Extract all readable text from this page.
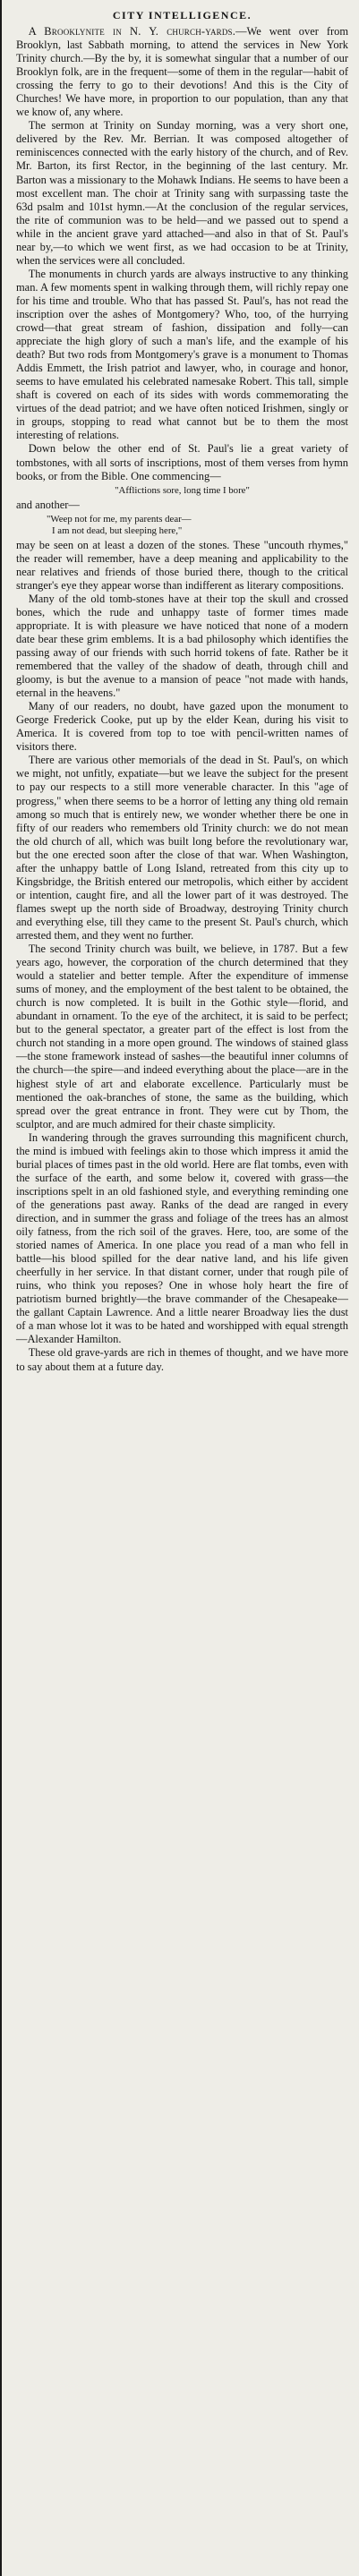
CITY INTELLIGENCE.

A Brooklynite in N. Y. church-yards.—We went over from Brooklyn, last Sabbath morning, to attend the services in New York Trinity church.—By the by, it is somewhat singular that a number of our Brooklyn folk, are in the frequent—some of them in the regular—habit of crossing the ferry to go to their devotions! And this is the City of Churches! We have more, in proportion to our population, than any that we know of, any where.

The sermon at Trinity on Sunday morning, was a very short one, delivered by the Rev. Mr. Berrian. It was composed altogether of reminiscences connected with the early history of the church, and of Rev. Mr. Barton, its first Rector, in the beginning of the last century. Mr. Barton was a missionary to the Mohawk Indians. He seems to have been a most excellent man. The choir at Trinity sang with surpassing taste the 63d psalm and 101st hymn.—At the conclusion of the regular services, the rite of communion was to be held—and we passed out to spend a while in the ancient grave yard attached—and also in that of St. Paul's near by,—to which we went first, as we had occasion to be at Trinity, when the services were all concluded.

The monuments in church yards are always instructive to any thinking man. A few moments spent in walking through them, will richly repay one for his time and trouble. Who that has passed St. Paul's, has not read the inscription over the ashes of Montgomery? Who, too, of the hurrying crowd—that great stream of fashion, dissipation and folly—can appreciate the high glory of such a man's life, and the example of his death? But two rods from Montgomery's grave is a monument to Thomas Addis Emmett, the Irish patriot and lawyer, who, in courage and honor, seems to have emulated his celebrated namesake Robert. This tall, simple shaft is covered on each of its sides with words commemorating the virtues of the dead patriot; and we have often noticed Irishmen, singly or in groups, stopping to read what cannot but be to them the most interesting of relations.

Down below the other end of St. Paul's lie a great variety of tombstones, with all sorts of inscriptions, most of them verses from hymn books, or from the Bible. One commencing—

"Afflictions sore, long time I bore"

and another—

"Weep not for me, my parents dear—
I am not dead, but sleeping here,"

may be seen on at least a dozen of the stones. These "uncouth rhymes," the reader will remember, have a deep meaning and applicability to the near relatives and friends of those buried there, though to the critical stranger's eye they appear worse than indifferent as literary compositions.

Many of the old tomb-stones have at their top the skull and crossed bones, which the rude and unhappy taste of former times made appropriate. It is with pleasure we have noticed that none of a modern date bear these grim emblems. It is a bad philosophy which identifies the passing away of our friends with such horrid tokens of fate. Rather be it remembered that the valley of the shadow of death, through chill and gloomy, is but the avenue to a mansion of peace "not made with hands, eternal in the heavens."

Many of our readers, no doubt, have gazed upon the monument to George Frederick Cooke, put up by the elder Kean, during his visit to America. It is covered from top to toe with pencil-written names of visitors there.

There are various other memorials of the dead in St. Paul's, on which we might, not unfitly, expatiate—but we leave the subject for the present to pay our respects to a still more venerable character. In this "age of progress," when there seems to be a horror of letting any thing old remain among so much that is entirely new, we wonder whether there be one in fifty of our readers who remembers old Trinity church: we do not mean the old church of all, which was built long before the revolutionary war, but the one erected soon after the close of that war. When Washington, after the unhappy battle of Long Island, retreated from this city up to Kingsbridge, the British entered our metropolis, which either by accident or intention, caught fire, and all the lower part of it was destroyed. The flames swept up the north side of Broadway, destroying Trinity church and everything else, till they came to the present St. Paul's church, which arrested them, and they went no further.

The second Trinity church was built, we believe, in 1787. But a few years ago, however, the corporation of the church determined that they would a statelier and better temple. After the expenditure of immense sums of money, and the employment of the best talent to be obtained, the church is now completed. It is built in the Gothic style—florid, and abundant in ornament. To the eye of the architect, it is said to be perfect; but to the general spectator, a greater part of the effect is lost from the church not standing in a more open ground. The windows of stained glass—the stone framework instead of sashes—the beautiful inner columns of the church—the spire—and indeed everything about the place—are in the highest style of art and elaborate excellence. Particularly must be mentioned the oak-branches of stone, the same as the building, which spread over the great entrance in front. They were cut by Thom, the sculptor, and are much admired for their chaste simplicity.

In wandering through the graves surrounding this magnificent church, the mind is imbued with feelings akin to those which impress it amid the burial places of times past in the old world. Here are flat tombs, even with the surface of the earth, and some below it, covered with grass—the inscriptions spelt in an old fashioned style, and everything reminding one of the generations past away. Ranks of the dead are ranged in every direction, and in summer the grass and foliage of the trees has an almost oily fatness, from the rich soil of the graves. Here, too, are some of the storied names of America. In one place you read of a man who fell in battle—his blood spilled for the dear native land, and his life given cheerfully in her service. In that distant corner, under that rough pile of ruins, who think you reposes? One in whose holy heart the fire of patriotism burned brightly—the brave commander of the Chesapeake—the gallant Captain Lawrence. And a little nearer Broadway lies the dust of a man whose lot it was to be hated and worshipped with equal strength—Alexander Hamilton.

These old grave-yards are rich in themes of thought, and we have more to say about them at a future day.
